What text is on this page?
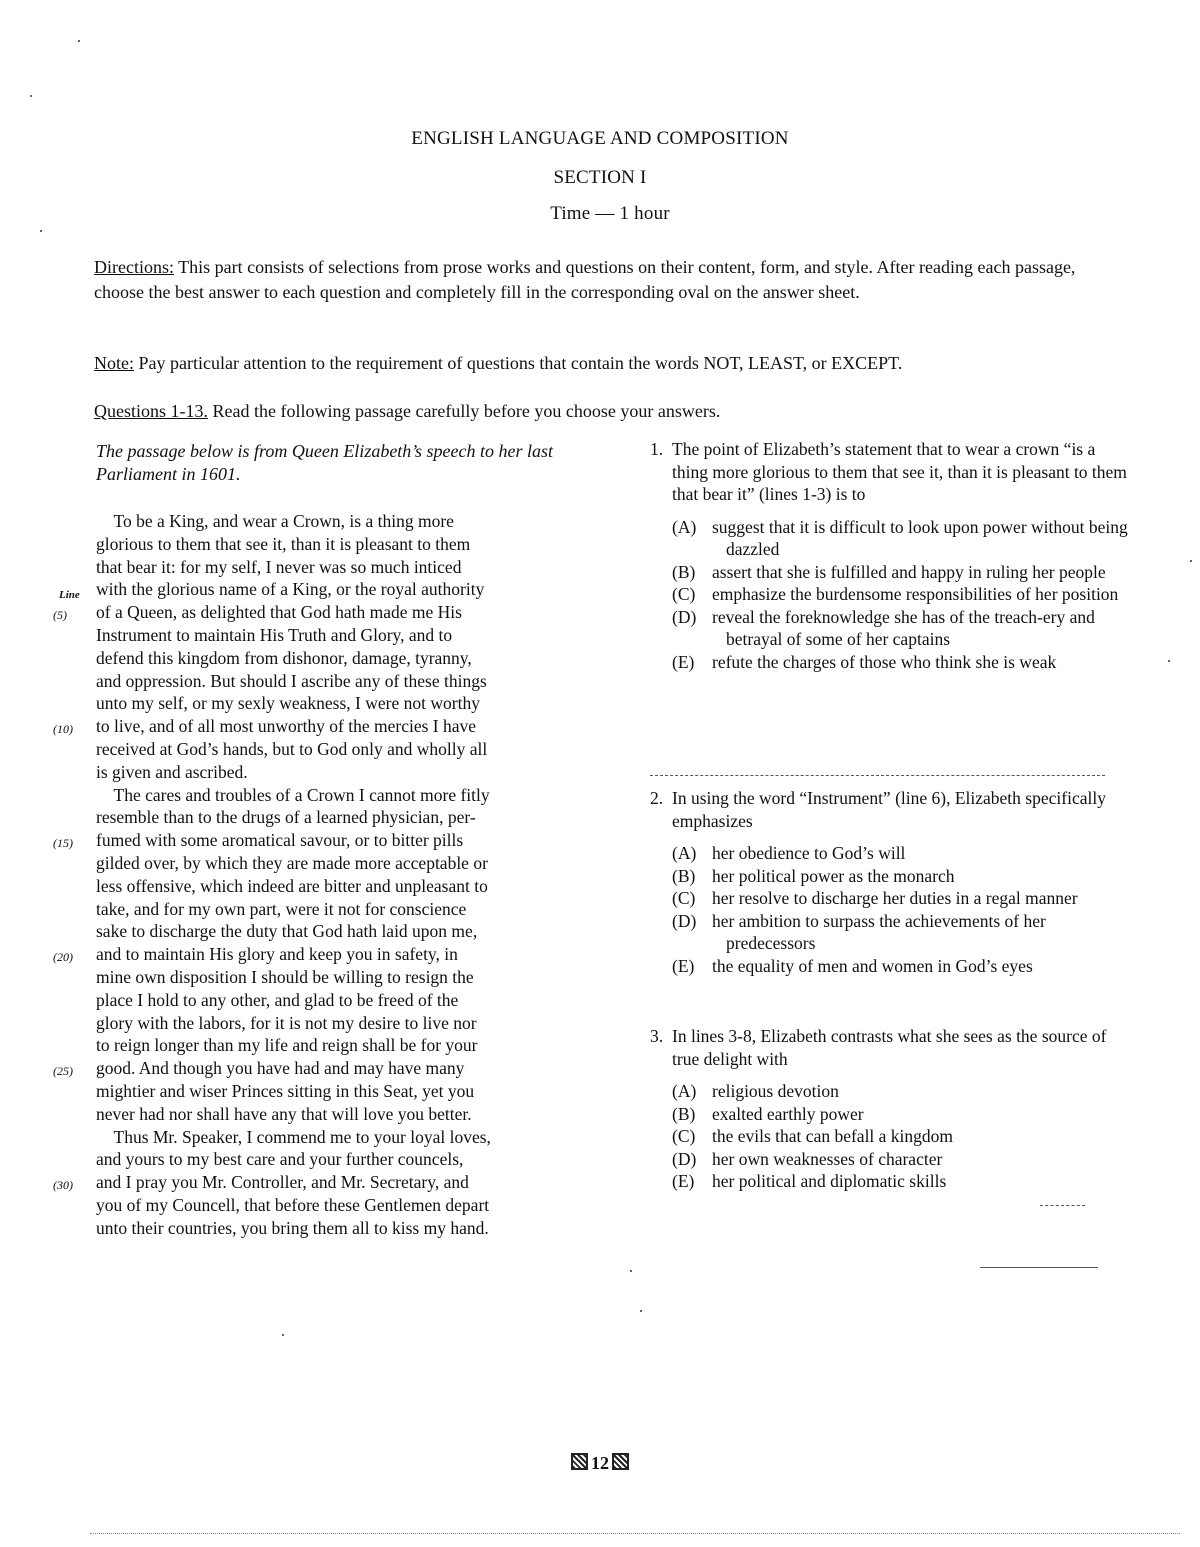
ENGLISH LANGUAGE AND COMPOSITION
SECTION I
Time — 1 hour
Directions: This part consists of selections from prose works and questions on their content, form, and style. After reading each passage, choose the best answer to each question and completely fill in the corresponding oval on the answer sheet.
Note: Pay particular attention to the requirement of questions that contain the words NOT, LEAST, or EXCEPT.
Questions 1-13. Read the following passage carefully before you choose your answers.
The passage below is from Queen Elizabeth’s speech to her last Parliament in 1601.
To be a King, and wear a Crown, is a thing more
glorious to them that see it, than it is pleasant to them
that bear it: for my self, I never was so much inticed
with the glorious name of a King, or the royal authority
of a Queen, as delighted that God hath made me His
Instrument to maintain His Truth and Glory, and to
defend this kingdom from dishonor, damage, tyranny,
and oppression. But should I ascribe any of these things
unto my self, or my sexly weakness, I were not worthy
to live, and of all most unworthy of the mercies I have
received at God’s hands, but to God only and wholly all
is given and ascribed.
The cares and troubles of a Crown I cannot more fitly
resemble than to the drugs of a learned physician, per-
fumed with some aromatical savour, or to bitter pills
gilded over, by which they are made more acceptable or
less offensive, which indeed are bitter and unpleasant to
take, and for my own part, were it not for conscience
sake to discharge the duty that God hath laid upon me,
and to maintain His glory and keep you in safety, in
mine own disposition I should be willing to resign the
place I hold to any other, and glad to be freed of the
glory with the labors, for it is not my desire to live nor
to reign longer than my life and reign shall be for your
good. And though you have had and may have many
mightier and wiser Princes sitting in this Seat, yet you
never had nor shall have any that will love you better.
Thus Mr. Speaker, I commend me to your loyal loves,
and yours to my best care and your further councels,
and I pray you Mr. Controller, and Mr. Secretary, and
you of my Councell, that before these Gentlemen depart
unto their countries, you bring them all to kiss my hand.
(5)
(10)
(15)
(20)
(25)
(30)
Line
1. The point of Elizabeth’s statement that to wear a crown “is a thing more glorious to them that see it, than it is pleasant to them that bear it” (lines 1-3) is to
(A) suggest that it is difficult to look upon power without being dazzled
(B) assert that she is fulfilled and happy in ruling her people
(C) emphasize the burdensome responsibilities of her position
(D) reveal the foreknowledge she has of the treach-ery and betrayal of some of her captains
(E)	refute the charges of those who think she is weak
2. In using the word “Instrument” (line 6), Elizabeth specifically emphasizes
(A) her obedience to God’s will
(B) her political power as the monarch
(C) her resolve to discharge her duties in a regal manner
(D) her ambition to surpass the achievements of her predecessors
(E)	the equality of men and women in God’s eyes
3. In lines 3-8, Elizabeth contrasts what she sees as the source of true delight with
(A) religious devotion
(B) exalted earthly power
(C) the evils that can befall a kingdom
(D) her own weaknesses of character
(E)	her political and diplomatic skills
12
